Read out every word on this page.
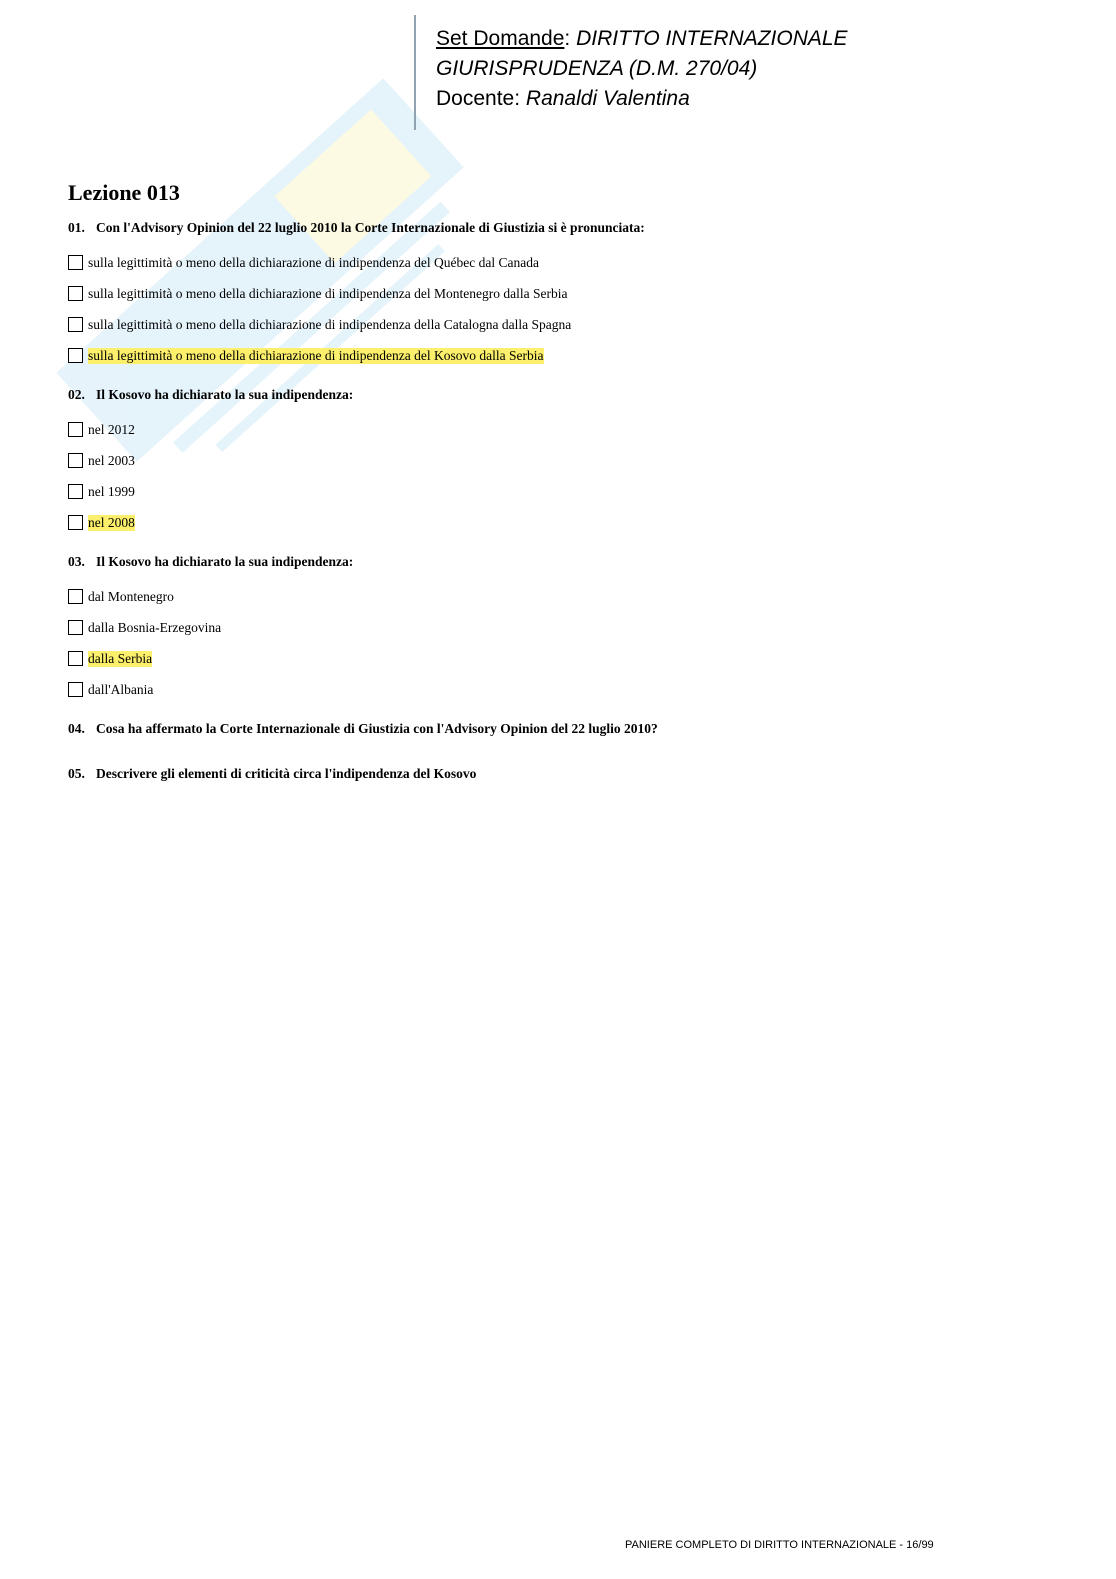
Set Domande: DIRITTO INTERNAZIONALE
GIURISPRUDENZA (D.M. 270/04)
Docente: Ranaldi Valentina
Lezione 013
01. Con l'Advisory Opinion del 22 luglio 2010 la Corte Internazionale di Giustizia si è pronunciata:
sulla legittimità o meno della dichiarazione di indipendenza del Québec dal Canada
sulla legittimità o meno della dichiarazione di indipendenza del Montenegro dalla Serbia
sulla legittimità o meno della dichiarazione di indipendenza della Catalogna dalla Spagna
sulla legittimità o meno della dichiarazione di indipendenza del Kosovo dalla Serbia
02. Il Kosovo ha dichiarato la sua indipendenza:
nel 2012
nel 2003
nel 1999
nel 2008
03. Il Kosovo ha dichiarato la sua indipendenza:
dal Montenegro
dalla Bosnia-Erzegovina
dalla Serbia
dall'Albania
04. Cosa ha affermato la Corte Internazionale di Giustizia con l'Advisory Opinion del 22 luglio 2010?
05. Descrivere gli elementi di criticità circa l'indipendenza del Kosovo
PANIERE COMPLETO DI DIRITTO INTERNAZIONALE - 16/99
